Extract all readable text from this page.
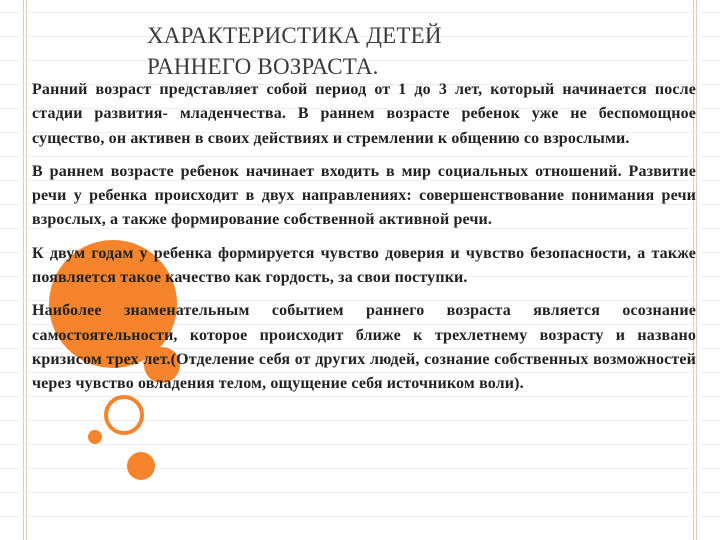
ХАРАКТЕРИСТИКА ДЕТЕЙ
РАННЕГО ВОЗРАСТА.

Ранний возраст представляет собой период от 1 до 3 лет, который начинается после стадии развития- младенчества. В раннем возрасте ребенок уже не беспомощное существо, он активен в своих действиях и стремлении к общению со взрослыми.

В раннем возрасте ребенок начинает входить в мир социальных отношений. Развитие речи у ребенка происходит в двух направлениях: совершенствование понимания речи взрослых, а также формирование собственной активной речи.

К двум годам у ребенка формируется чувство доверия и чувство безопасности, а также появляется такое качество как гордость, за свои поступки.

Наиболее знаменательным событием раннего возраста является осознание самостоятельности, которое происходит ближе к трехлетнему возрасту и названо кризисом трех лет.(Отделение себя от других людей, сознание собственных возможностей через чувство овладения телом, ощущение себя источником воли).
